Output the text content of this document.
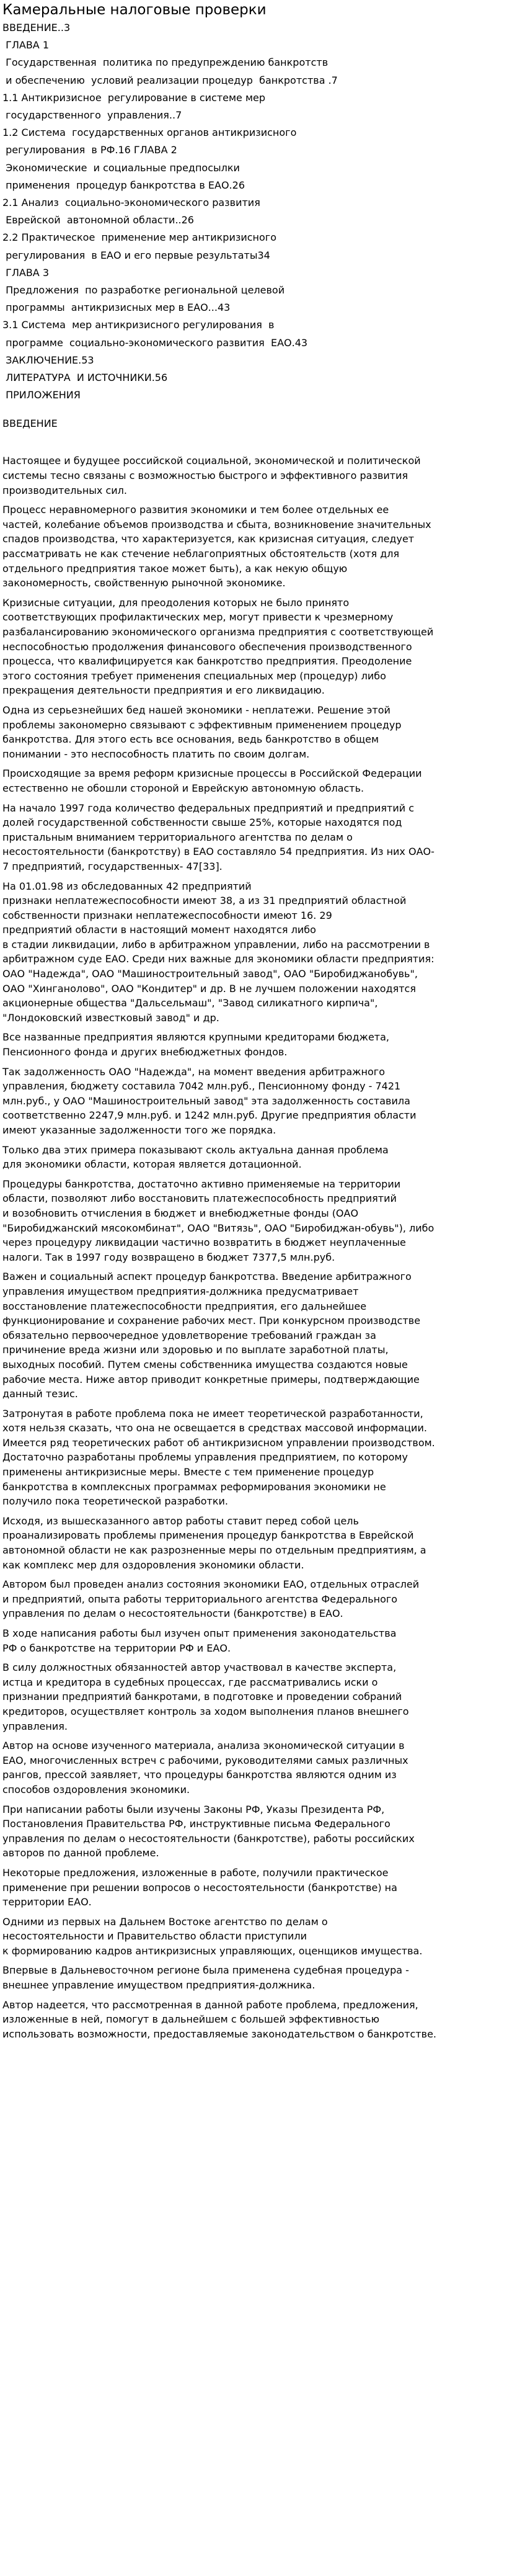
Камеральные налоговые проверки

ВВЕДЕНИЕ..3

ГЛАВА 1

Государственная  политика по предупреждению банкротств

и обеспечению  условий реализации процедур  банкротства .7

1.1 Антикризисное  регулирование в системе мер

государственного  управления..7

1.2 Система  государственных органов антикризисного

регулирования  в РФ.16 ГЛАВА 2

Экономические  и социальные предпосылки

применения  процедур банкротства в ЕАО.26

2.1 Анализ  социально-экономического развития

Еврейской  автономной области..26

2.2 Практическое  применение мер антикризисного

регулирования  в ЕАО и его первые результаты34

ГЛАВА 3

Предложения  по разработке региональной целевой

программы  антикризисных мер в ЕАО...43

3.1 Система  мер антикризисного регулирования  в

программе  социально-экономического развития  ЕАО.43

ЗАКЛЮЧЕНИЕ.53

ЛИТЕРАТУРА  И ИСТОЧНИКИ.56

ПРИЛОЖЕНИЯ

ВВЕДЕНИЕ

Настоящее и будущее российской социальной, экономической и политической
системы тесно связаны с возможностью быстрого и эффективного развития
производительных сил.

Процесс неравномерного развития экономики и тем более отдельных ее
частей, колебание объемов производства и сбыта, возникновение значительных
спадов производства, что характеризуется, как кризисная ситуация, следует
рассматривать не как стечение неблагоприятных обстоятельств (хотя для
отдельного предприятия такое может быть), а как некую общую
закономерность, свойственную рыночной экономике.

Кризисные ситуации, для преодоления которых не было принято
соответствующих профилактических мер, могут привести к чрезмерному
разбалансированию экономического организма предприятия с соответствующей
неспособностью продолжения финансового обеспечения производственного
процесса, что квалифицируется как банкротство предприятия. Преодоление
этого состояния требует применения специальных мер (процедур) либо
прекращения деятельности предприятия и его ликвидацию.

Одна из серьезнейших бед нашей экономики - неплатежи. Решение этой
проблемы закономерно связывают с эффективным применением процедур
банкротства. Для этого есть все основания, ведь банкротство в общем
понимании - это неспособность платить по своим долгам.

Происходящие за время реформ кризисные процессы в Российской Федерации
естественно не обошли стороной и Еврейскую автономную область.

На начало 1997 года количество федеральных предприятий и предприятий с
долей государственной собственности свыше 25%, которые находятся под
пристальным вниманием территориального агентства по делам о
несостоятельности (банкротству) в ЕАО составляло 54 предприятия. Из них ОАО-
7 предприятий, государственных- 47[33].

На 01.01.98 из обследованных 42 предприятий
признаки неплатежеспособности имеют 38, а из 31 предприятий областной
собственности признаки неплатежеспособности имеют 16. 29
предприятий области в настоящий момент находятся либо
в стадии ликвидации, либо в арбитражном управлении, либо на рассмотрении в
арбитражном суде ЕАО. Среди них важные для экономики области предприятия:
ОАО "Надежда", ОАО "Машиностроительный завод", ОАО "Биробиджанобувь",
ОАО "Хинганолово", ОАО "Кондитер" и др. В не лучшем положении находятся
акционерные общества "Дальсельмаш", "Завод силикатного кирпича",
"Лондоковский известковый завод" и др.

Все названные предприятия являются крупными кредиторами бюджета,
Пенсионного фонда и других внебюджетных фондов.

Так задолженность ОАО "Надежда", на момент введения арбитражного
управления, бюджету составила 7042 млн.руб., Пенсионному фонду - 7421
млн.руб., у ОАО "Машиностроительный завод" эта задолженность составила
соответственно 2247,9 млн.руб. и 1242 млн.руб. Другие предприятия области
имеют указанные задолженности того же порядка.

Только два этих примера показывают сколь актуальна данная проблема
для экономики области, которая является дотационной.

Процедуры банкротства, достаточно активно применяемые на территории
области, позволяют либо восстановить платежеспособность предприятий
и возобновить отчисления в бюджет и внебюджетные фонды (ОАО
"Биробиджанский мясокомбинат", ОАО "Витязь", ОАО "Биробиджан-обувь"), либо
через процедуру ликвидации частично возвратить в бюджет неуплаченные
налоги. Так в 1997 году возвращено в бюджет 7377,5 млн.руб.

Важен и социальный аспект процедур банкротства. Введение арбитражного
управления имуществом предприятия-должника предусматривает
восстановление платежеспособности предприятия, его дальнейшее
функционирование и сохранение рабочих мест. При конкурсном производстве
обязательно первоочередное удовлетворение требований граждан за
причинение вреда жизни или здоровью и по выплате заработной платы,
выходных пособий. Путем смены собственника имущества создаются новые
рабочие места. Ниже автор приводит конкретные примеры, подтверждающие
данный тезис.

Затронутая в работе проблема пока не имеет теоретической разработанности,
хотя нельзя сказать, что она не освещается в средствах массовой информации.
Имеется ряд теоретических работ об антикризисном управлении производством.
Достаточно разработаны проблемы управления предприятием, по которому
применены антикризисные меры. Вместе с тем применение процедур
банкротства в комплексных программах реформирования экономики не
получило пока теоретической разработки.

Исходя, из вышесказанного автор работы ставит перед собой цель
проанализировать проблемы применения процедур банкротства в Еврейской
автономной области не как разрозненные меры по отдельным предприятиям, а
как комплекс мер для оздоровления экономики области.

Автором был проведен анализ состояния экономики ЕАО, отдельных отраслей
и предприятий, опыта работы территориального агентства Федерального
управления по делам о несостоятельности (банкротстве) в ЕАО.

В ходе написания работы был изучен опыт применения законодательства
РФ о банкротстве на территории РФ и ЕАО.

В силу должностных обязанностей автор участвовал в качестве эксперта,
истца и кредитора в судебных процессах, где рассматривались иски о
признании предприятий банкротами, в подготовке и проведении собраний
кредиторов, осуществляет контроль за ходом выполнения планов внешнего
управления.

Автор на основе изученного материала, анализа экономической ситуации в
ЕАО, многочисленных встреч с рабочими, руководителями самых различных
рангов, прессой заявляет, что процедуры банкротства являются одним из
способов оздоровления экономики.

При написании работы были изучены Законы РФ, Указы Президента РФ,
Постановления Правительства РФ, инструктивные письма Федерального
управления по делам о несостоятельности (банкротстве), работы российских
авторов по данной проблеме.

Некоторые предложения, изложенные в работе, получили практическое
применение при решении вопросов о несостоятельности (банкротстве) на
территории ЕАО.

Одними из первых на Дальнем Востоке агентство по делам о
несостоятельности и Правительство области приступили
к формированию кадров антикризисных управляющих, оценщиков имущества.

Впервые в Дальневосточном регионе была применена судебная процедура -
внешнее управление имуществом предприятия-должника.

Автор надеется, что рассмотренная в данной работе проблема, предложения,
изложенные в ней, помогут в дальнейшем с большей эффективностью
использовать возможности, предоставляемые законодательством о банкротстве.
